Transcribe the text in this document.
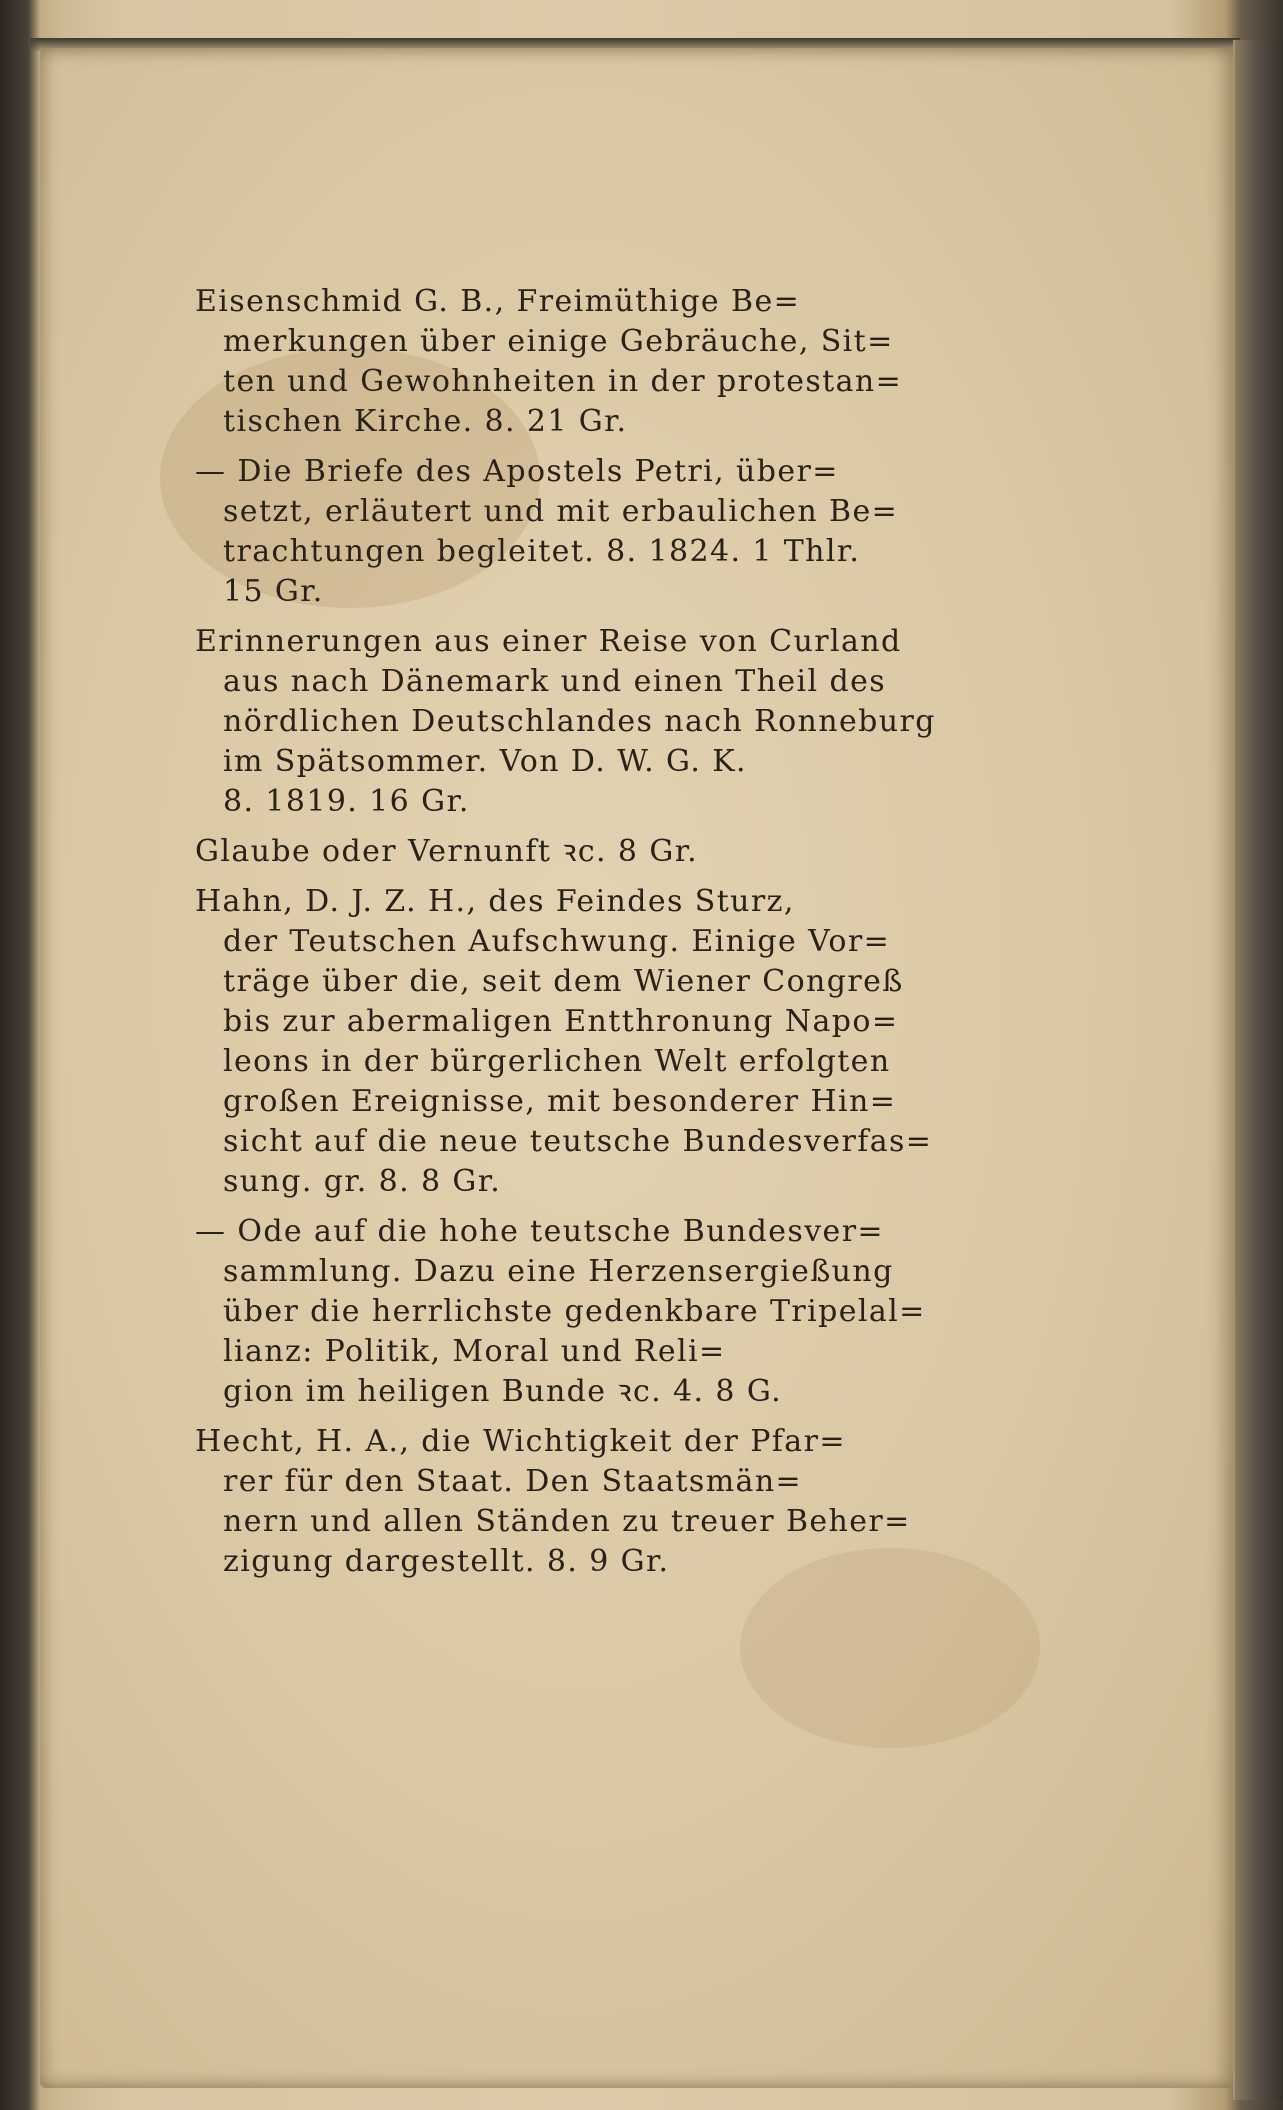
Eisenschmid G. B., Freimüthige Be=
merkungen über einige Gebräuche, Sit=
ten und Gewohnheiten in der protestan=
tischen Kirche. 8. 21 Gr.
— Die Briefe des Apostels Petri, über=
setzt, erläutert und mit erbaulichen Be=
trachtungen begleitet. 8. 1824. 1 Thlr.
15 Gr.
Erinnerungen aus einer Reise von Curland
aus nach Dänemark und einen Theil des
nördlichen Deutschlandes nach Ronneburg
im Spätsommer. Von D. W. G. K.
8. 1819. 16 Gr.
Glaube oder Vernunft ꝛc. 8 Gr.
Hahn, D. J. Z. H., des Feindes Sturz,
der Teutschen Aufschwung. Einige Vor=
träge über die, seit dem Wiener Congreß
bis zur abermaligen Entthronung Napo=
leons in der bürgerlichen Welt erfolgten
großen Ereignisse, mit besonderer Hin=
sicht auf die neue teutsche Bundesverfas=
sung. gr. 8. 8 Gr.
— Ode auf die hohe teutsche Bundesver=
sammlung. Dazu eine Herzensergießung
über die herrlichste gedenkbare Tripelal=
lianz: Politik, Moral und Reli=
gion im heiligen Bunde ꝛc. 4. 8 G.
Hecht, H. A., die Wichtigkeit der Pfar=
rer für den Staat. Den Staatsmän=
nern und allen Ständen zu treuer Beher=
zigung dargestellt. 8. 9 Gr.
